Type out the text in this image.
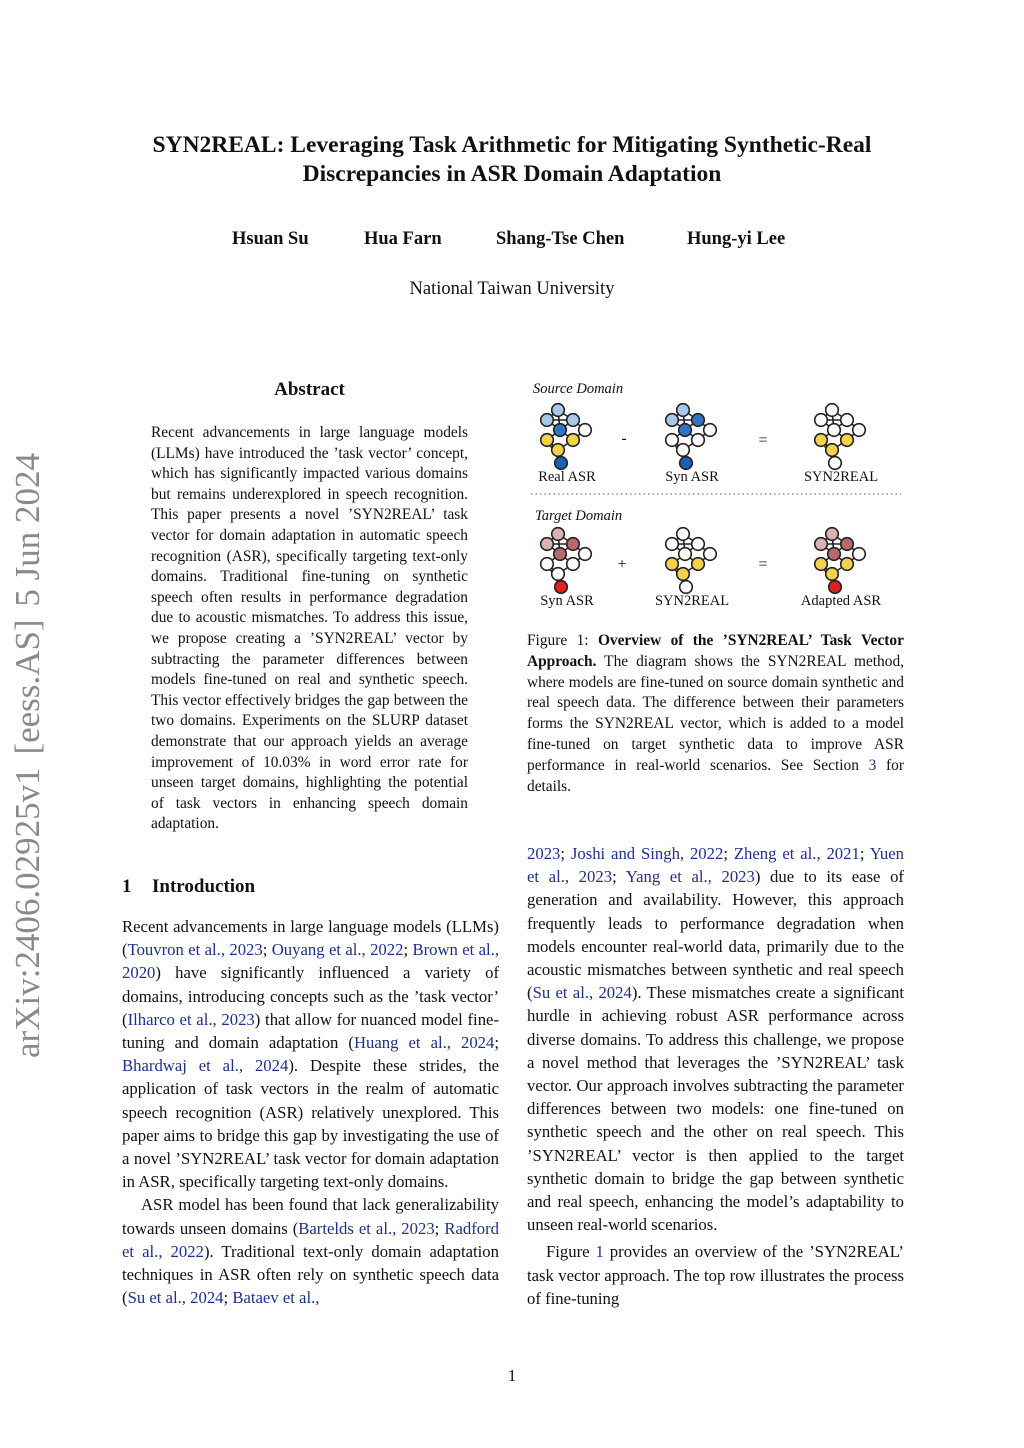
arXiv:2406.02925v1
[eess.AS]
5 Jun 2024
SYN2REAL: Leveraging Task Arithmetic for Mitigating Synthetic-Real Discrepancies in ASR Domain Adaptation
Hsuan Su	Hua Farn	Shang-Tse Chen	Hung-yi Lee
National Taiwan University
Abstract

Recent advancements in large language models (LLMs) have introduced the ’task vector’ concept, which has significantly impacted various domains but remains underexplored in speech recognition. This paper presents a novel ’SYN2REAL’ task vector for domain adaptation in automatic speech recognition (ASR), specifically targeting text-only domains. Traditional fine-tuning on synthetic speech often results in performance degradation due to acoustic mismatches. To address this issue, we propose creating a ’SYN2REAL’ vector by subtracting the parameter differences between models fine-tuned on real and synthetic speech. This vector effectively bridges the gap between the two domains. Experiments on the SLURP dataset demonstrate that our approach yields an average improvement of 10.03% in word error rate for unseen target domains, highlighting the potential of task vectors in enhancing speech domain adaptation.

1 Introduction

Recent advancements in large language models (LLMs) (Touvron et al., 2023; Ouyang et al., 2022; Brown et al., 2020) have significantly influenced a variety of domains, introducing concepts such as the ’task vector’ (Ilharco et al., 2023) that allow for nuanced model fine-tuning and domain adaptation (Huang et al., 2024; Bhardwaj et al., 2024). Despite these strides, the application of task vectors in the realm of automatic speech recognition (ASR) relatively unexplored. This paper aims to bridge this gap by investigating the use of a novel ’SYN2REAL’ task vector for domain adaptation in ASR, specifically targeting text-only domains.

ASR model has been found that lack generalizability towards unseen domains (Bartelds et al., 2023; Radford et al., 2022). Traditional text-only domain adaptation techniques in ASR often rely on synthetic speech data (Su et al., 2024; Bataev et al.,

Source Domain
Target Domain
Real ASR
-
Syn ASR
=
SYN2REAL
Syn ASR
+
SYN2REAL
=
Adapted ASR

Figure 1: Overview of the ’SYN2REAL’ Task Vector Approach. The diagram shows the SYN2REAL method, where models are fine-tuned on source domain synthetic and real speech data. The difference between their parameters forms the SYN2REAL vector, which is added to a model fine-tuned on target synthetic data to improve ASR performance in real-world scenarios. See Section 3 for details.

2023; Joshi and Singh, 2022; Zheng et al., 2021; Yuen et al., 2023; Yang et al., 2023) due to its ease of generation and availability. However, this approach frequently leads to performance degradation when models encounter real-world data, primarily due to the acoustic mismatches between synthetic and real speech (Su et al., 2024). These mismatches create a significant hurdle in achieving robust ASR performance across diverse domains. To address this challenge, we propose a novel method that leverages the ’SYN2REAL’ task vector. Our approach involves subtracting the parameter differences between two models: one fine-tuned on synthetic speech and the other on real speech. This ’SYN2REAL’ vector is then applied to the target synthetic domain to bridge the gap between synthetic and real speech, enhancing the model’s adaptability to unseen real-world scenarios.

Figure 1 provides an overview of the ’SYN2REAL’ task vector approach. The top row illustrates the process of fine-tuning

1
